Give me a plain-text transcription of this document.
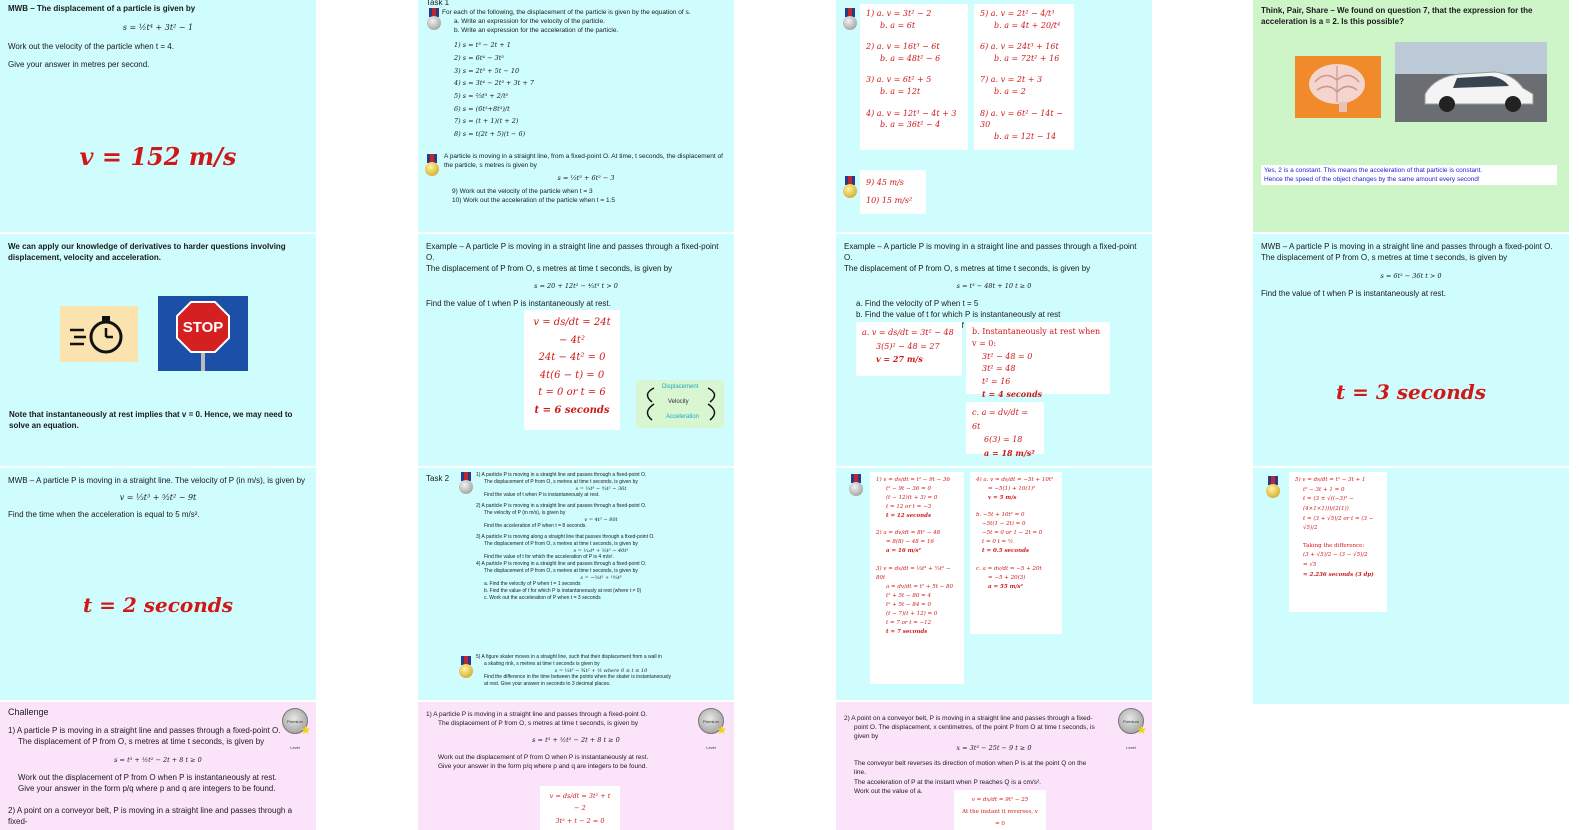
MWB – The displacement of a particle is given by
s = ½t⁴ + 3t² − 1
Work out the velocity of the particle when t = 4.
Give your answer in metres per second.
v = 152 m/s
We can apply our knowledge of derivatives to harder questions involving displacement, velocity and acceleration.
STOP
Note that instantaneously at rest implies that v = 0. Hence, we may need to solve an equation.
MWB – A particle P is moving in a straight line. The velocity of P (in m/s), is given by
v = ⅓t³ + ⁵⁄₂t² − 9t
Find the time when the acceleration is equal to 5 m/s².
t = 2 seconds
Challenge
Premium Level
★
1) A particle P is moving in a straight line and passes through a fixed-point O.
The displacement of P from O, s metres at time t seconds, is given by
s = t³ + ½t² − 2t + 8 t ≥ 0
Work out the displacement of P from O when P is instantaneously at rest.
Give your answer in the form p/q where p and q are integers to be found.
2) A point on a conveyor belt, P is moving in a straight line and passes through a fixed-
Task 1
For each of the following, the displacement of the particle is given by the equation of s.
a. Write an expression for the velocity of the particle.
b. Write an expression for the acceleration of the particle.
1) s = t³ − 2t + 1
2) s = 6t⁴ − 3t²
3) s = 2t³ + 5t − 10
4) s = 3t⁴ − 2t³ + 3t + 7
5) s = ⅔t³ + 2/t²
6) s = (6t⁵+8t³)/t
7) s = (t + 1)(t + 2)
8) s = t(2t + 5)(t − 6)
A particle is moving in a straight line, from a fixed-point O. At time, t seconds, the displacement of the particle, s metres is given by
s = ⅓t³ + 6t² − 3
9) Work out the velocity of the particle when t = 3
10) Work out the acceleration of the particle when t = 1.5
Example – A particle P is moving in a straight line and passes through a fixed-point O.
The displacement of P from O, s metres at time t seconds, is given by
s = 20 + 12t² − ⁴⁄₃t³ t > 0
Find the value of t when P is instantaneously at rest.
v = ds/dt = 24t − 4t²
24t − 4t² = 0
4t(6 − t) = 0
t = 0 or t = 6
t = 6 seconds
Displacement
Velocity
Acceleration
Task 2	1) A particle P is moving in a straight line and passes through a fixed-point O.
The displacement of P from O, s metres at time t seconds, is given by
s = ⅓t³ − ⁹⁄₂t² − 36t
Find the value of t when P is instantaneously at rest.
2) A particle P is moving in a straight line and passes through a fixed-point O.
The velocity of P (in m/s), is given by
v = 4t³ − 80t
Find the acceleration of P when t = 8 seconds.
3) A particle P is moving along a straight line that passes through a fixed-point O.
The displacement of P from O, s metres at time t seconds, is given by
s = ¹⁄₁₂t⁴ + ⁵⁄₆t³ − 40t²
Find the value of t for which the acceleration of P is 4 m/s².
4) A particle P is moving in a straight line and passes through a fixed-point O.
The displacement of P from O, s metres at time t seconds, is given by
s = −⁵⁄₂t² + ¹⁰⁄₃t³
a. Find the velocity of P when t = 1 seconds
b. Find the value of t for which P is instantaneously at rest (where t ≠ 0)
c. Work out the acceleration of P when t = 3 seconds
5) A figure skater moves in a straight line, such that their displacement from a wall in
a skating rink, s metres at time t seconds is given by
s = ⅓t³ − ¾t² + ½ where 0 ≤ t ≤ 10
Find the difference in the time between the points when the skater is instantaneously
at rest. Give your answer in seconds to 3 decimal places.
Premium Level
★
1) A particle P is moving in a straight line and passes through a fixed-point O.
The displacement of P from O, s metres at time t seconds, is given by
s = t³ + ½t² − 2t + 8 t ≥ 0
Work out the displacement of P from O when P is instantaneously at rest.
Give your answer in the form p/q where p and q are integers to be found.
v = ds/dt = 3t² + t − 2
3t² + t − 2 = 0
1) a. v = 3t² − 2
b. a = 6t
2) a. v = 16t³ − 6t
b. a = 48t² − 6
3) a. v = 6t² + 5
b. a = 12t
4) a. v = 12t³ − 4t + 3
b. a = 36t² − 4
5) a. v = 2t² − 4/t³
b. a = 4t + 20/t⁴
6) a. v = 24t³ + 16t
b. a = 72t² + 16
7) a. v = 2t + 3
b. a = 2
8) a. v = 6t² − 14t − 30
b. a = 12t − 14
9) 45 m/s
10) 15 m/s²
Example – A particle P is moving in a straight line and passes through a fixed-point O.
The displacement of P from O, s metres at time t seconds, is given by
s = t³ − 48t + 10 t ≥ 0
a. Find the velocity of P when t = 5
b. Find the value of t for which P is instantaneously at rest
a. v = ds/dt = 3t² − 48
3(5)² − 48 = 27
v = 27 m/s
b. Instantaneously at rest when v = 0:
3t² − 48 = 0
3t² = 48
t² = 16
t = 4 seconds
c. a = dv/dt = 6t
6(3) = 18
a = 18 m/s²
1) v = ds/dt = t² − 9t − 36
t² − 9t − 36 = 0
(t − 12)(t + 3) = 0
t = 12 or t = −3
t = 12 seconds
2) a = dv/dt = 8t² − 48
= 8(8) − 48 = 16
a = 16 m/s²
3) v = ds/dt = ⅓t³ + ⁵⁄₂t² − 80t
a = dv/dt = t² + 5t − 80
t² + 5t − 80 = 4
t² + 5t − 84 = 0
(t − 7)(t + 12) = 0
t = 7 or t = −12
t = 7 seconds
4) a. v = ds/dt = −5t + 10t²
= −5(1) + 10(1)²
v = 5 m/s
b. −5t + 10t² = 0
−5t(1 − 2t) = 0
−5t = 0 or 1 − 2t = 0
t = 0 t = ½
t = 0.5 seconds
c. a = dv/dt = −5 + 20t
= −5 + 20(3)
a = 55 m/s²
Premium Level
★
2) A point on a conveyor belt, P is moving in a straight line and passes through a fixed-
point O. The displacement, x centimetres, of the point P from O at time t seconds, is
given by
x = 3t³ − 25t − 9 t ≥ 0
The conveyor belt reverses its direction of motion when P is at the point Q on the
line.
The acceleration of P at the instant when P reaches Q is a cm/s².
Work out the value of a.
v = dx/dt = 9t² − 25
At the instant it reverses, v = 0
Think, Pair, Share – We found on question 7, that the expression for the acceleration is a = 2. Is this possible?
Yes, 2 is a constant. This means the acceleration of that particle is constant.
Hence the speed of the object changes by the same amount every second!
MWB – A particle P is moving in a straight line and passes through a fixed-point O.
The displacement of P from O, s metres at time t seconds, is given by
s = 6t² − 36t t > 0
Find the value of t when P is instantaneously at rest.
t = 3 seconds
5) v = ds/dt = t² − 3t + 1
t² − 3t + 1 = 0
t = (3 ± √((−3)² − (4×1×1)))/(2(1))
t = (3 + √5)/2 or t = (3 − √5)/2
Taking the difference:
(3 + √5)/2 − (3 − √5)/2
= √5
= 2.236 seconds (3 dp)
